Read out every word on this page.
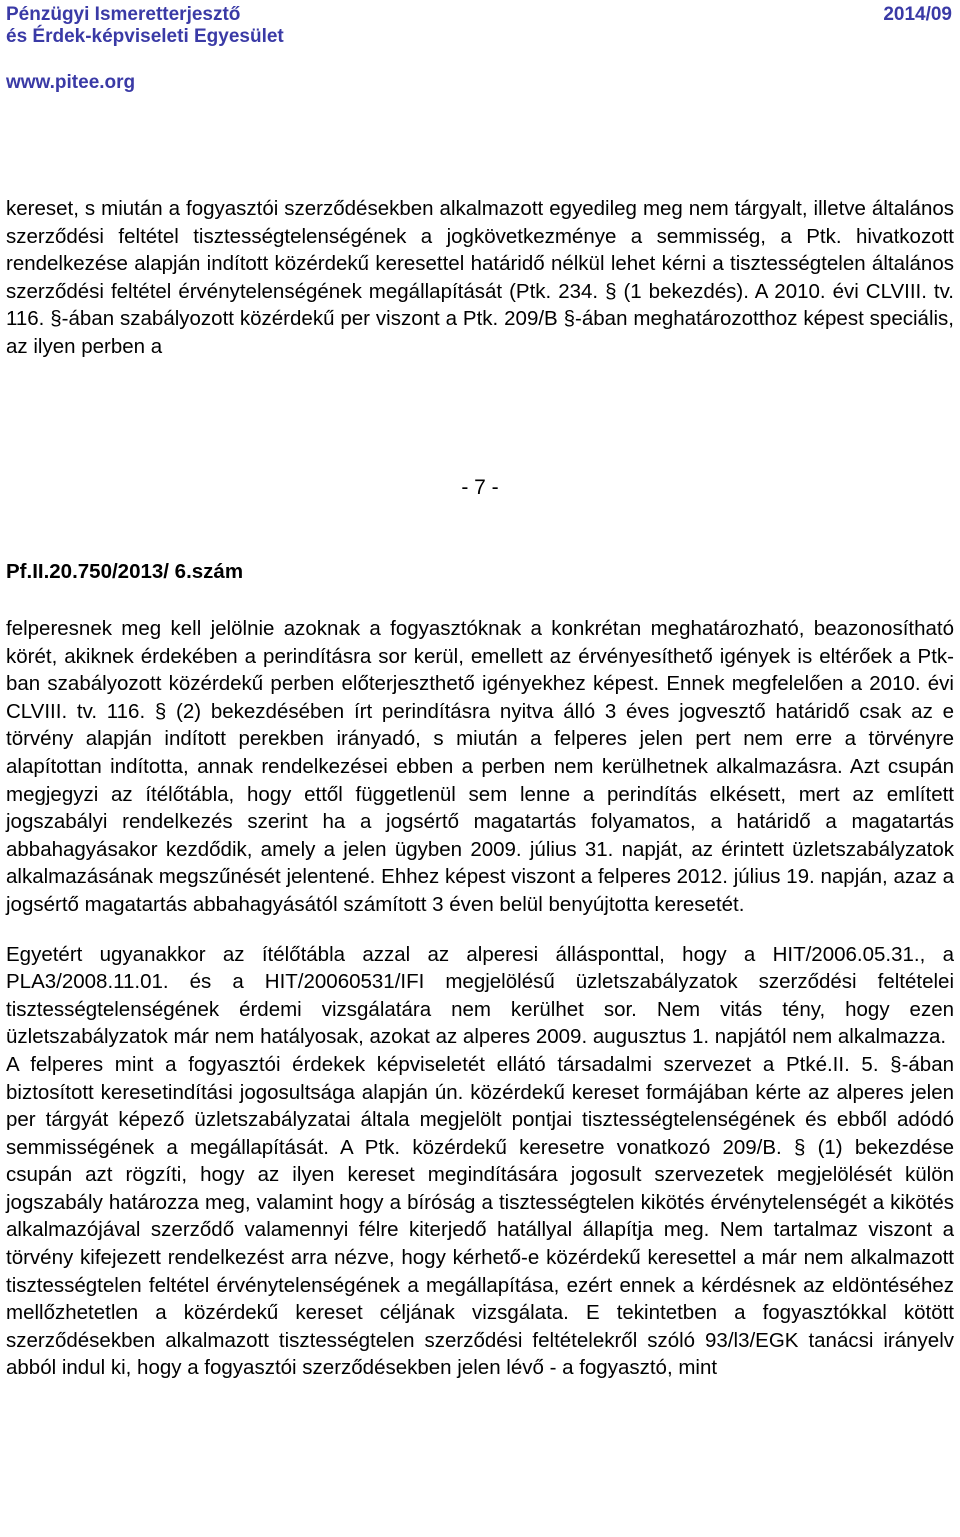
Pénzügyi Ismeretterjesztő
és Érdek-képviseleti Egyesület
2014/09
www.pitee.org

kereset, s miután a fogyasztói szerződésekben alkalmazott egyedileg meg nem tárgyalt, illetve általános szerződési feltétel tisztességtelenségének a jogkövetkezménye a semmisség, a Ptk. hivatkozott rendelkezése alapján indított közérdekű keresettel határidő nélkül lehet kérni a tisztességtelen általános szerződési feltétel érvénytelenségének megállapítását (Ptk. 234. § (1 bekezdés). A 2010. évi CLVIII. tv. 116. §-ában szabályozott közérdekű per viszont a Ptk. 209/B §-ában meghatározotthoz képest speciális, az ilyen perben a

- 7 -
Pf.II.20.750/2013/ 6.szám

felperesnek meg kell jelölnie azoknak a fogyasztóknak a konkrétan meghatározható, beazonosítható körét, akiknek érdekében a perindításra sor kerül, emellett az érvényesíthető igények is eltérőek a Ptk-ban szabályozott közérdekű perben előterjeszthető igényekhez képest. Ennek megfelelően a 2010. évi CLVIII. tv. 116. § (2) bekezdésében írt perindításra nyitva álló 3 éves jogvesztő határidő csak az e törvény alapján indított perekben irányadó, s miután a felperes jelen pert nem erre a törvényre alapítottan indította, annak rendelkezései ebben a perben nem kerülhetnek alkalmazásra. Azt csupán megjegyzi az ítélőtábla, hogy ettől függetlenül sem lenne a perindítás elkésett, mert az említett jogszabályi rendelkezés szerint ha a jogsértő magatartás folyamatos, a határidő a magatartás abbahagyásakor kezdődik, amely a jelen ügyben 2009. július 31. napját, az érintett üzletszabályzatok alkalmazásának megszűnését jelentené. Ehhez képest viszont a felperes 2012. július 19. napján, azaz a jogsértő magatartás abbahagyásától számított 3 éven belül benyújtotta keresetét.

Egyetért ugyanakkor az ítélőtábla azzal az alperesi állásponttal, hogy a HIT/2006.05.31., a PLA3/2008.11.01. és a HIT/20060531/IFI megjelölésű üzletszabályzatok szerződési feltételei tisztességtelenségének érdemi vizsgálatára nem kerülhet sor. Nem vitás tény, hogy ezen üzletszabályzatok már nem hatályosak, azokat az alperes 2009. augusztus 1. napjától nem alkalmazza.

A felperes mint a fogyasztói érdekek képviseletét ellátó társadalmi szervezet a Ptké.II. 5. §-ában biztosított keresetindítási jogosultsága alapján ún. közérdekű kereset formájában kérte az alperes jelen per tárgyát képező üzletszabályzatai általa megjelölt pontjai tisztességtelenségének és ebből adódó semmisségének a megállapítását. A Ptk. közérdekű keresetre vonatkozó 209/B. § (1) bekezdése csupán azt rögzíti, hogy az ilyen kereset megindítására jogosult szervezetek megjelölését külön jogszabály határozza meg, valamint hogy a bíróság a tisztességtelen kikötés érvénytelenségét a kikötés alkalmazójával szerződő valamennyi félre kiterjedő hatállyal állapítja meg. Nem tartalmaz viszont a törvény kifejezett rendelkezést arra nézve, hogy kérhető-e közérdekű keresettel a már nem alkalmazott tisztességtelen feltétel érvénytelenségének a megállapítása, ezért ennek a kérdésnek az eldöntéséhez mellőzhetetlen a közérdekű kereset céljának vizsgálata. E tekintetben a fogyasztókkal kötött szerződésekben alkalmazott tisztességtelen szerződési feltételekről szóló 93/l3/EGK tanácsi irányelv abból indul ki, hogy a fogyasztói szerződésekben jelen lévő - a fogyasztó, mint
